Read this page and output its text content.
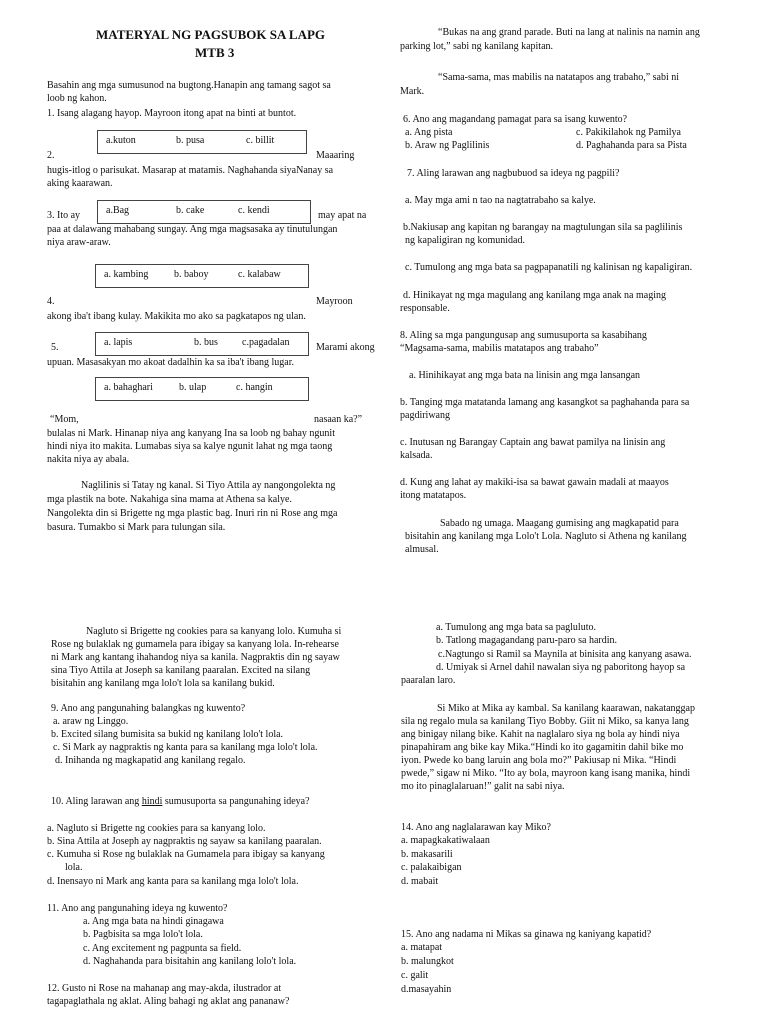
MATERYAL NG PAGSUBOK SA LAPG
MTB 3
Basahin ang mga sumusunod na bugtong.Hanapin ang tamang sagot sa
loob ng kahon.
1. Isang alagang hayop. Mayroon itong apat na binti at buntot.
a.kuton	b. pusa	c. billit
2.	Maaaring
hugis-itlog o parisukat. Masarap at matamis. Naghahanda siyaNanay sa
aking kaarawan.
3. Ito ay	a.Bag	b. cake	c. kendi	may apat na
paa at dalawang mahabang sungay. Ang mga magsasaka ay tinutulungan
niya araw-araw.
a. kambing	b. baboy	c. kalabaw
4.	Mayroon
akong iba't ibang kulay. Makikita mo ako sa pagkatapos ng ulan.
a. lapis	b. bus c.pagadalan
5.	Marami akong
upuan. Masasakyan mo akoat dadalhin ka sa iba't ibang lugar.
a. bahaghari	b. ulap	c. hangin
“Mom,	nasaan ka?”
bulalas ni Mark. Hinanap niya ang kanyang Ina sa loob ng bahay ngunit
hindi niya ito makita. Lumabas siya sa kalye ngunit lahat ng mga taong
nakita niya ay abala.
Naglilinis si Tatay ng kanal. Si Tiyo Attila ay nangongolekta ng
mga plastik na bote. Nakahiga sina mama at Athena sa kalye.
Nangolekta din si Brigette ng mga plastic bag. Inuri rin ni Rose ang mga
basura. Tumakbo si Mark para tulungan sila.
“Bukas na ang grand parade. Buti na lang at nalinis na namin ang
parking lot,” sabi ng kanilang kapitan.
“Sama-sama, mas mabilis na natatapos ang trabaho,” sabi ni
Mark.
6. Ano ang magandang pamagat para sa isang kuwento?
a. Ang pista
b. Araw ng Paglilinis
c. Pakikilahok ng Pamilya
d. Paghahanda para sa Pista
7. Aling larawan ang nagbubuod sa ideya ng pagpili?
a. May mga ami n tao na nagtatrabaho sa kalye.
b.Nakiusap ang kapitan ng barangay na magtulungan sila sa paglilinis
ng kapaligiran ng komunidad.
c. Tumulong ang mga bata sa pagpapanatili ng kalinisan ng kapaligiran.
d. Hinikayat ng mga magulang ang kanilang mga anak na maging
responsable.
8. Aling sa mga pangungusap ang sumusuporta sa kasabihang
“Magsama-sama, mabilis matatapos ang trabaho”
a. Hinihikayat ang mga bata na linisin ang mga lansangan
b. Tanging mga matatanda lamang ang kasangkot sa paghahanda para sa
pagdiriwang
c. Inutusan ng Barangay Captain ang bawat pamilya na linisin ang
kalsada.
d. Kung ang lahat ay makiki-isa sa bawat gawain madali at maayos
itong matatapos.
Sabado ng umaga. Maagang gumising ang magkapatid para
bisitahin ang kanilang mga Lolo't Lola. Nagluto si Athena ng kanilang
almusal.
Nagluto si Brigette ng cookies para sa kanyang lolo. Kumuha si
Rose ng bulaklak ng gumamela para ibigay sa kanyang lola. In-rehearse
ni Mark ang kantang ihahandog niya sa kanila. Nagpraktis din ng sayaw
sina Tiyo Attila at Joseph sa kanilang paaralan. Excited na silang
bisitahin ang kanilang mga lolo't lola sa kanilang bukid.
9. Ano ang pangunahing balangkas ng kuwento?
a. araw ng Linggo.
b. Excited silang bumisita sa bukid ng kanilang lolo't lola.
c. Si Mark ay nagpraktis ng kanta para sa kanilang mga lolo't lola.
d. Inihanda ng magkapatid ang kanilang regalo.
10. Aling larawan ang hindi sumusuporta sa pangunahing ideya?
a. Nagluto si Brigette ng cookies para sa kanyang lolo.
b. Sina Attila at Joseph ay nagpraktis ng sayaw sa kanilang paaralan.
c. Kumuha si Rose ng bulaklak na Gumamela para ibigay sa kanyang
lola.
d. Inensayo ni Mark ang kanta para sa kanilang mga lolo't lola.
11. Ano ang pangunahing ideya ng kuwento?
a. Ang mga bata na hindi ginagawa
b. Pagbisita sa mga lolo't lola.
c. Ang excitement ng pagpunta sa field.
d. Naghahanda para bisitahin ang kanilang lolo't lola.
12. Gusto ni Rose na mahanap ang may-akda, ilustrador at
tagapaglathala ng aklat. Aling bahagi ng aklat ang pananaw?
a. Tumulong ang mga bata sa pagluluto.
b. Tatlong magagandang paru-paro sa hardin.
c.Nagtungo si Ramil sa Maynila at binisita ang kanyang asawa.
d. Umiyak si Arnel dahil nawalan siya ng paboritong hayop sa
paaralan laro.
Si Miko at Mika ay kambal. Sa kanilang kaarawan, nakatanggap
sila ng regalo mula sa kanilang Tiyo Bobby. Giit ni Miko, sa kanya lang
ang binigay nilang bike. Kahit na naglalaro siya ng bola ay hindi niya
pinapahiram ang bike kay Mika.“Hindi ko ito gagamitin dahil bike mo
iyon. Pwede ko bang laruin ang bola mo?” Pakiusap ni Mika. “Hindi
pwede,” sigaw ni Miko. “Ito ay bola, mayroon kang isang manika, hindi
mo ito pinaglalaruan!” galit na sabi niya.
14. Ano ang naglalarawan kay Miko?
a. mapagkakatiwalaan
b. makasarili
c. palakaibigan
d. mabait
15. Ano ang nadama ni Mikas sa ginawa ng kaniyang kapatid?
a. matapat
b. malungkot
c. galit
d.masayahin
